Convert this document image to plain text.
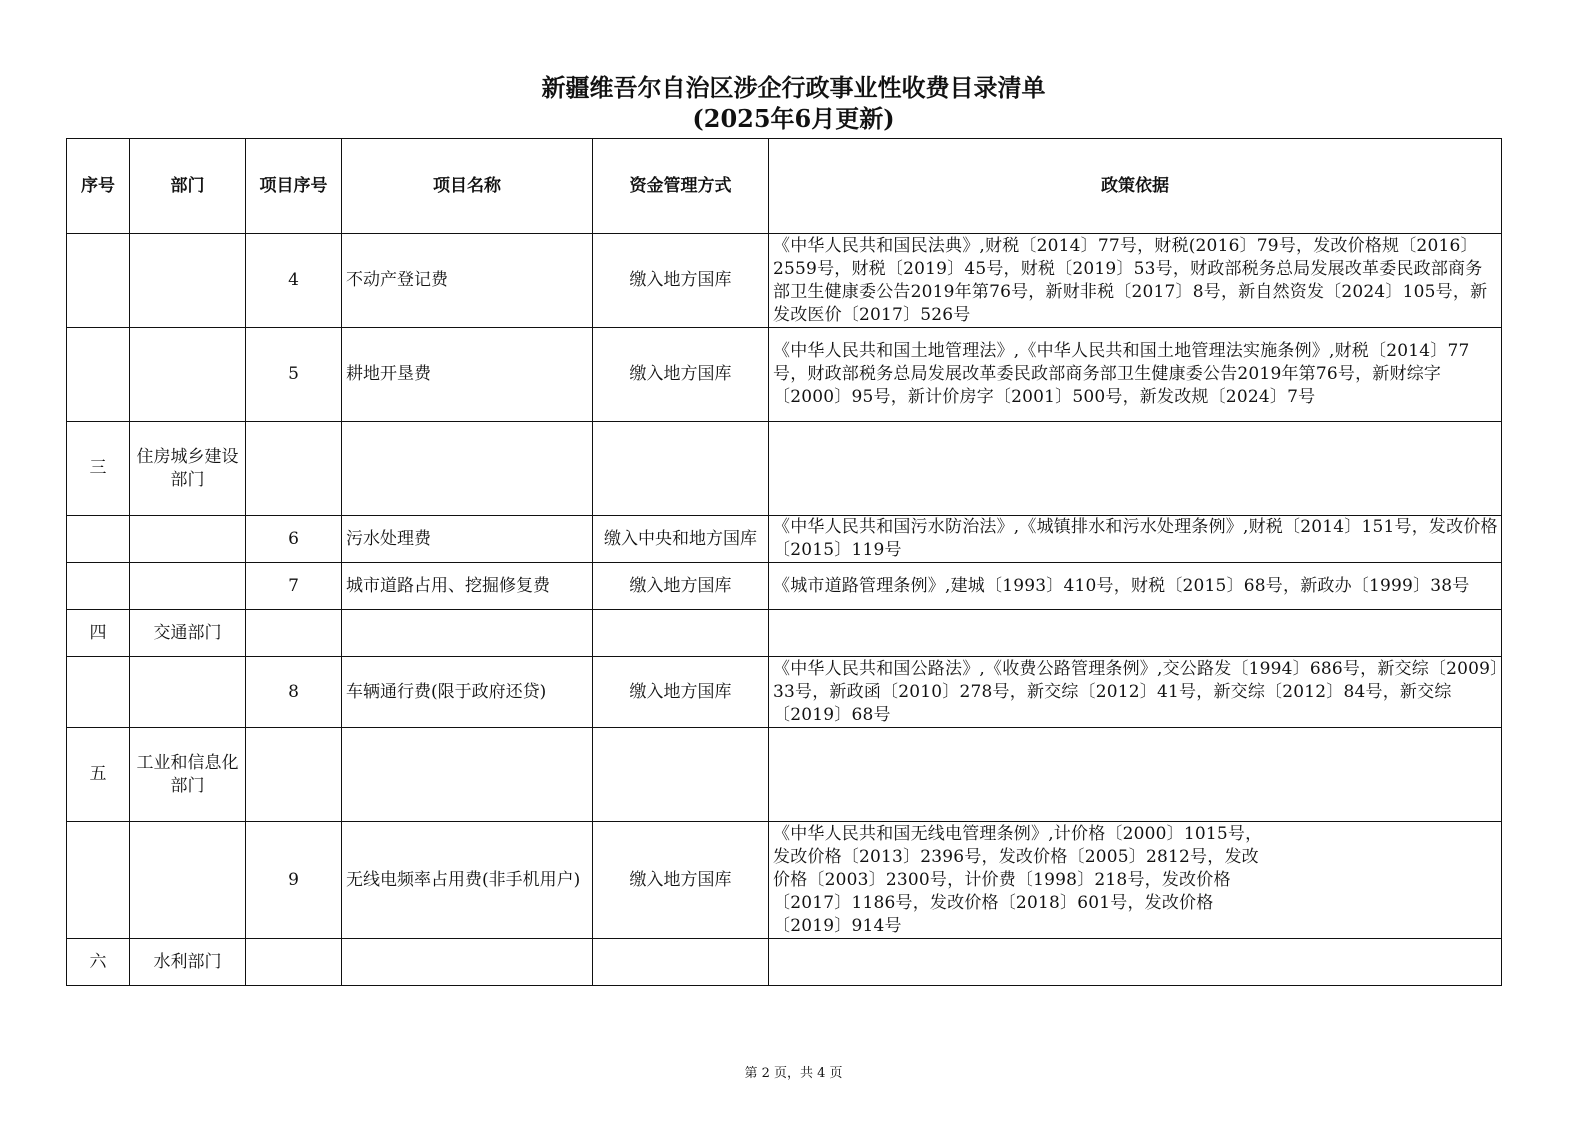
新疆维吾尔自治区涉企行政事业性收费目录清单
(2025年6月更新)
序号	部门	项目序号	项目名称	资金管理方式	政策依据
		4	不动产登记费	缴入地方国库	《中华人民共和国民法典》,财税〔2014〕77号，财税(2016〕79号，发改价格规〔2016〕2559号，财税〔2019〕45号，财税〔2019〕53号，财政部税务总局发展改革委民政部商务部卫生健康委公告2019年第76号，新财非税〔2017〕8号，新自然资发〔2024〕105号，新发改医价〔2017〕526号
		5	耕地开垦费	缴入地方国库	《中华人民共和国土地管理法》,《中华人民共和国土地管理法实施条例》,财税〔2014〕77号，财政部税务总局发展改革委民政部商务部卫生健康委公告2019年第76号，新财综字〔2000〕95号，新计价房字〔2001〕500号，新发改规〔2024〕7号
三	住房城乡建设部门				
		6	污水处理费	缴入中央和地方国库	《中华人民共和国污水防治法》,《城镇排水和污水处理条例》,财税〔2014〕151号，发改价格〔2015〕119号
		7	城市道路占用、挖掘修复费	缴入地方国库	《城市道路管理条例》,建城〔1993〕410号，财税〔2015〕68号，新政办〔1999〕38号
四	交通部门				
		8	车辆通行费(限于政府还贷)	缴入地方国库	《中华人民共和国公路法》,《收费公路管理条例》,交公路发〔1994〕686号，新交综〔2009〕33号，新政函〔2010〕278号，新交综〔2012〕41号，新交综〔2012〕84号，新交综〔2019〕68号
五	工业和信息化部门				
		9	无线电频率占用费(非手机用户)	缴入地方国库	《中华人民共和国无线电管理条例》,计价格〔2000〕1015号，发改价格〔2013〕2396号，发改价格〔2005〕2812号，发改价格〔2003〕2300号，计价费〔1998〕218号，发改价格〔2017〕1186号，发改价格〔2018〕601号，发改价格〔2019〕914号

六	水利部门				
第 2 页，共 4 页
